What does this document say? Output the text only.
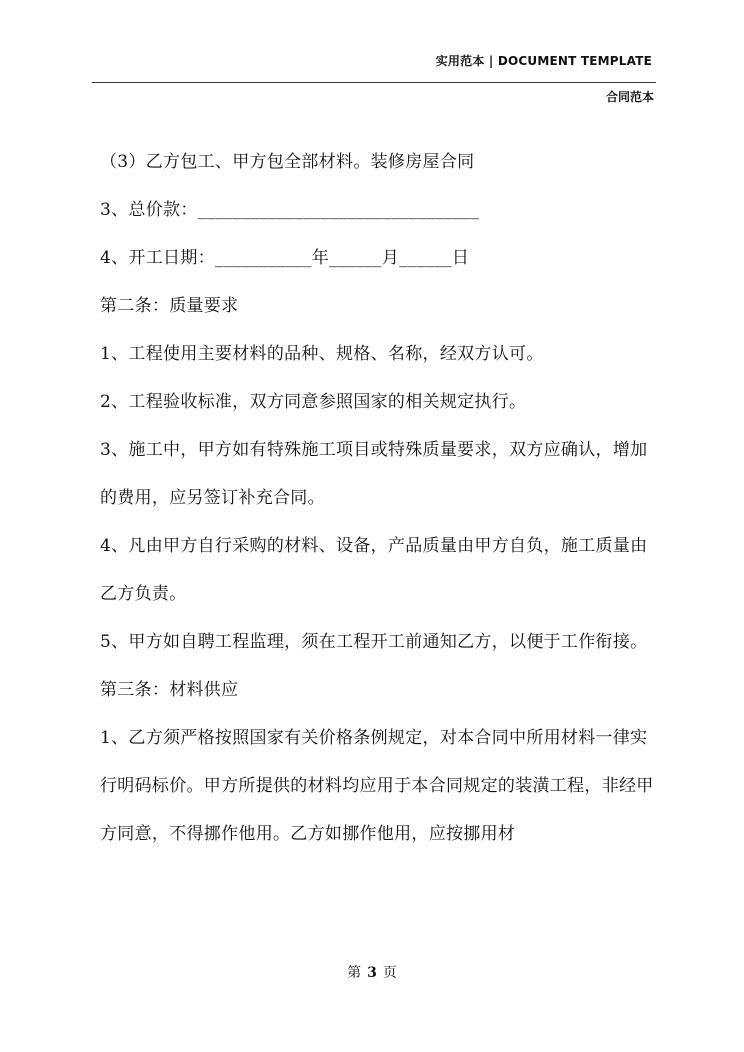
实用范本 | DOCUMENT TEMPLATE
合同范本

（3）乙方包工、甲方包全部材料。装修房屋合同

3、总价款：________________________________

4、开工日期：___________年______月______日

第二条：质量要求

1、工程使用主要材料的品种、规格、名称，经双方认可。

2、工程验收标准，双方同意参照国家的相关规定执行。

3、施工中，甲方如有特殊施工项目或特殊质量要求，双方应确认，增加的费用，应另签订补充合同。

4、凡由甲方自行采购的材料、设备，产品质量由甲方自负，施工质量由乙方负责。

5、甲方如自聘工程监理，须在工程开工前通知乙方，以便于工作衔接。

第三条：材料供应

1、乙方须严格按照国家有关价格条例规定，对本合同中所用材料一律实行明码标价。甲方所提供的材料均应用于本合同规定的装潢工程，非经甲方同意，不得挪作他用。乙方如挪作他用，应按挪用材

第 3 页
